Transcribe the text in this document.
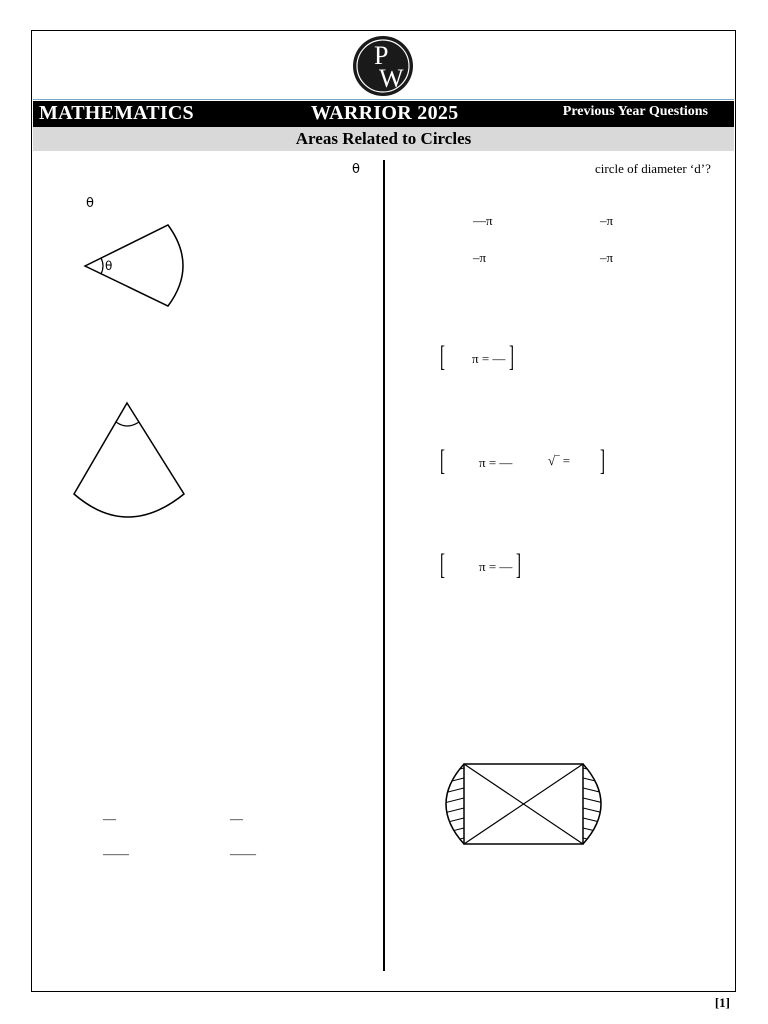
P
W
MATHEMATICS	WARRIOR 2025	Previous Year Questions
Areas Related to Circles
θ
θ
θ
—	—
——	——
circle of diameter ‘d’?
—π	–π
–π	–π
[ π = — ]
[	π = —	√‾ = ]
[	π = — ]
[1]
